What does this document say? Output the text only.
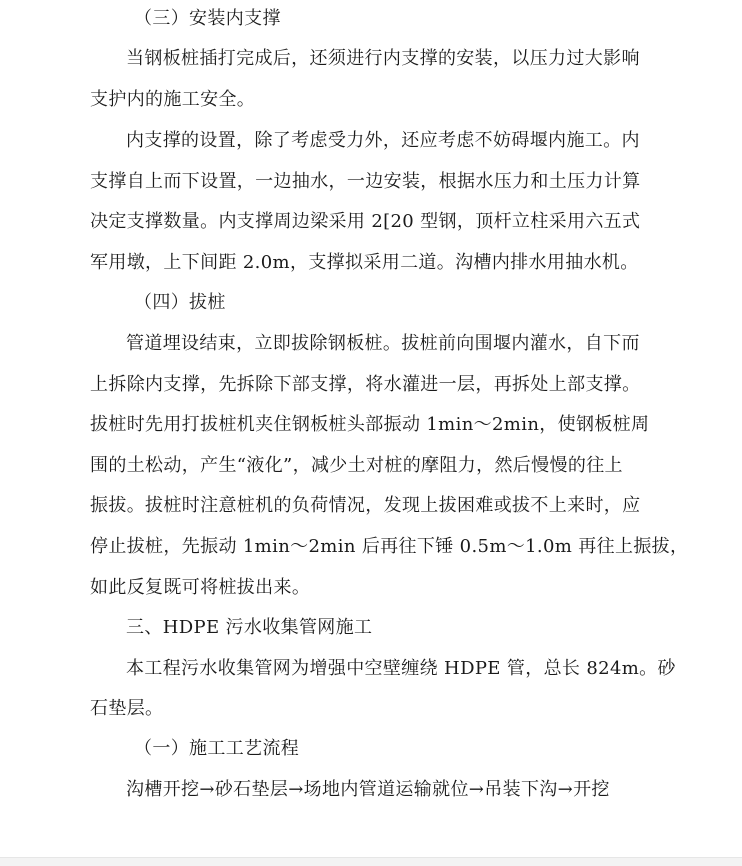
（三）安装内支撑
当钢板桩插打完成后，还须进行内支撑的安装，以压力过大影响
支护内的施工安全。
内支撑的设置，除了考虑受力外，还应考虑不妨碍堰内施工。内
支撑自上而下设置，一边抽水，一边安装，根据水压力和土压力计算
决定支撑数量。内支撑周边梁采用 2[20 型钢，顶杆立柱采用六五式
军用墩，上下间距 2.0m，支撑拟采用二道。沟槽内排水用抽水机。
（四）拔桩
管道埋设结束，立即拔除钢板桩。拔桩前向围堰内灌水，自下而
上拆除内支撑，先拆除下部支撑，将水灌进一层，再拆处上部支撑。
拔桩时先用打拔桩机夹住钢板桩头部振动 1min～2min，使钢板桩周
围的土松动，产生“液化”，减少土对桩的摩阻力，然后慢慢的往上
振拔。拔桩时注意桩机的负荷情况，发现上拔困难或拔不上来时，应
停止拔桩，先振动 1min～2min 后再往下锤 0.5m～1.0m 再往上振拔，
如此反复既可将桩拔出来。
三、HDPE 污水收集管网施工
本工程污水收集管网为增强中空壁缠绕 HDPE 管，总长 824m。砂
石垫层。
（一）施工工艺流程
沟槽开挖→砂石垫层→场地内管道运输就位→吊装下沟→开挖
